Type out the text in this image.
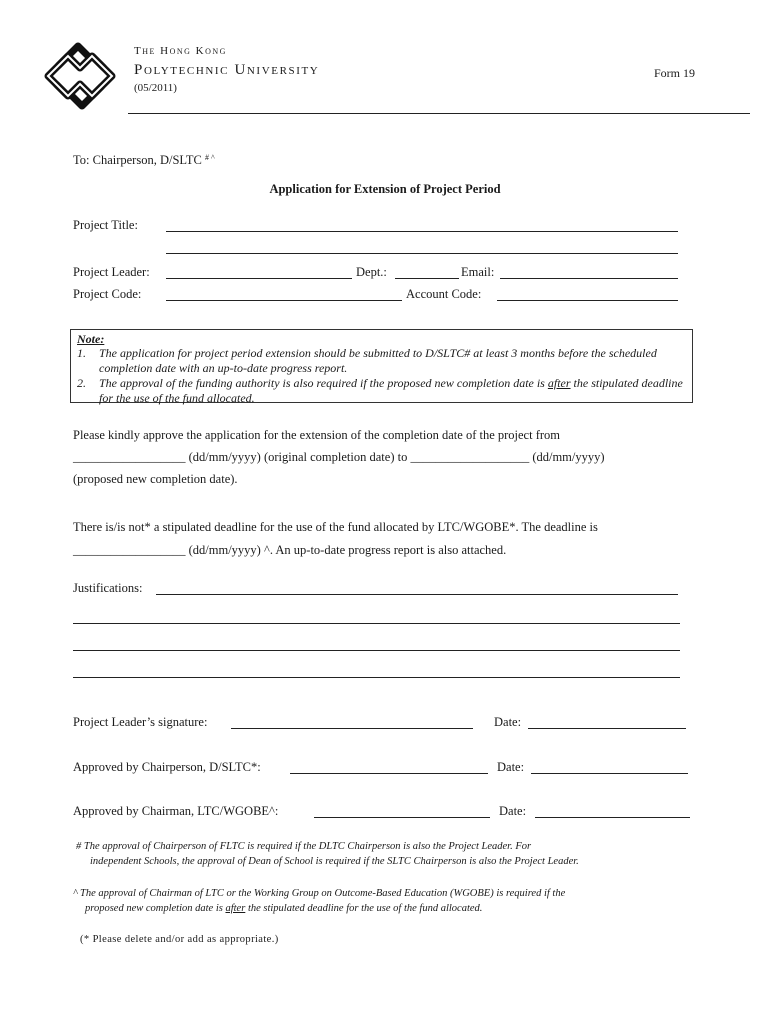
The Hong Kong
Polytechnic University
(05/2011)
Form 19
To: Chairperson, D/SLTC # ^
Application for Extension of Project Period
Project Title:
Project Leader:	Dept.:	Email:
Project Code:	Account Code:
Note:
1.	The application for project period extension should be submitted to D/SLTC# at least 3 months before the scheduled completion date with an up-to-date progress report.
2.	The approval of the funding authority is also required if the proposed new completion date is after the stipulated deadline for the use of the fund allocated.
Please kindly approve the application for the extension of the completion date of the project from
__________________ (dd/mm/yyyy) (original completion date) to ___________________ (dd/mm/yyyy)
(proposed new completion date).
There is/is not* a stipulated deadline for the use of the fund allocated by LTC/WGOBE*. The deadline is
__________________ (dd/mm/yyyy) ^. An up-to-date progress report is also attached.
Justifications:
Project Leader’s signature:	Date:
Approved by Chairperson, D/SLTC*:	Date:
Approved by Chairman, LTC/WGOBE^:	Date:
# The approval of Chairperson of FLTC is required if the DLTC Chairperson is also the Project Leader. For
independent Schools, the approval of Dean of School is required if the SLTC Chairperson is also the Project Leader.
^ The approval of Chairman of LTC or the Working Group on Outcome-Based Education (WGOBE) is required if the
proposed new completion date is after the stipulated deadline for the use of the fund allocated.
(* Please delete and/or add as appropriate.)
